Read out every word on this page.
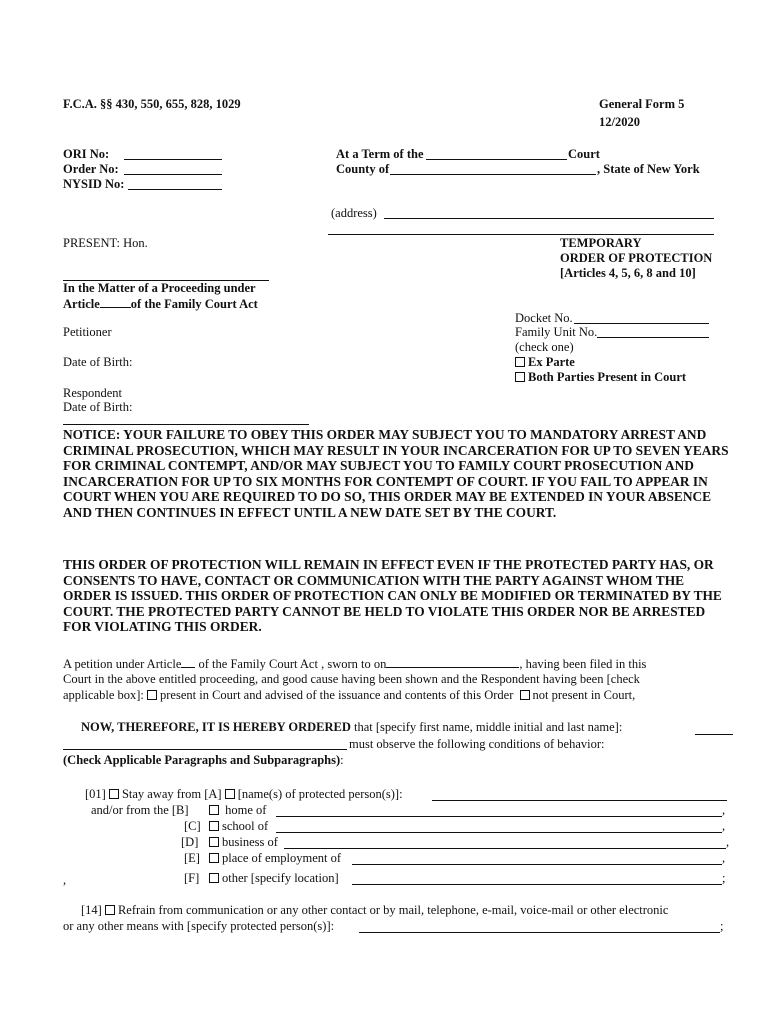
F.C.A. §§ 430, 550, 655, 828, 1029	General Form 5
12/2020
ORI No:
Order No:
NYSID No:
At a Term of the	Court
County of	, State of New York
(address)
PRESENT: Hon.	TEMPORARY
ORDER OF PROTECTION
[Articles 4, 5, 6, 8 and 10]
In the Matter of a Proceeding under
Article of the Family Court Act
Petitioner
Date of Birth:
Respondent
Date of Birth:
Docket No.
Family Unit No.
(check one)
Ex Parte
Both Parties Present in Court
NOTICE: YOUR FAILURE TO OBEY THIS ORDER MAY SUBJECT YOU TO MANDATORY ARREST AND CRIMINAL PROSECUTION, WHICH MAY RESULT IN YOUR INCARCERATION FOR UP TO SEVEN YEARS FOR CRIMINAL CONTEMPT, AND/OR MAY SUBJECT YOU TO FAMILY COURT PROSECUTION AND INCARCERATION FOR UP TO SIX MONTHS FOR CONTEMPT OF COURT. IF YOU FAIL TO APPEAR IN COURT WHEN YOU ARE REQUIRED TO DO SO, THIS ORDER MAY BE EXTENDED IN YOUR ABSENCE AND THEN CONTINUES IN EFFECT UNTIL A NEW DATE SET BY THE COURT.
THIS ORDER OF PROTECTION WILL REMAIN IN EFFECT EVEN IF THE PROTECTED PARTY HAS, OR CONSENTS TO HAVE, CONTACT OR COMMUNICATION WITH THE PARTY AGAINST WHOM THE ORDER IS ISSUED. THIS ORDER OF PROTECTION CAN ONLY BE MODIFIED OR TERMINATED BY THE COURT. THE PROTECTED PARTY CANNOT BE HELD TO VIOLATE THIS ORDER NOR BE ARRESTED FOR VIOLATING THIS ORDER.
A petition under Article of the Family Court Act , sworn to on	, having been filed in this
Court in the above entitled proceeding, and good cause having been shown and the Respondent having been [check
applicable box]: present in Court and advised of the issuance and contents of this Order not present in Court,
NOW, THEREFORE, IT IS HEREBY ORDERED that [specify first name, middle initial and last name]:
must observe the following conditions of behavior:
(Check Applicable Paragraphs and Subparagraphs):
[01] Stay away from [A] [name(s) of protected person(s)]:
and/or from the [B]	home of	,
[C]	school of	,
[D]	business of	,
[E]	place of employment of	,
,	[F]	other [specify location]	;
[14] Refrain from communication or any other contact or by mail, telephone, e-mail, voice-mail or other electronic
or any other means with [specify protected person(s)]:	;
